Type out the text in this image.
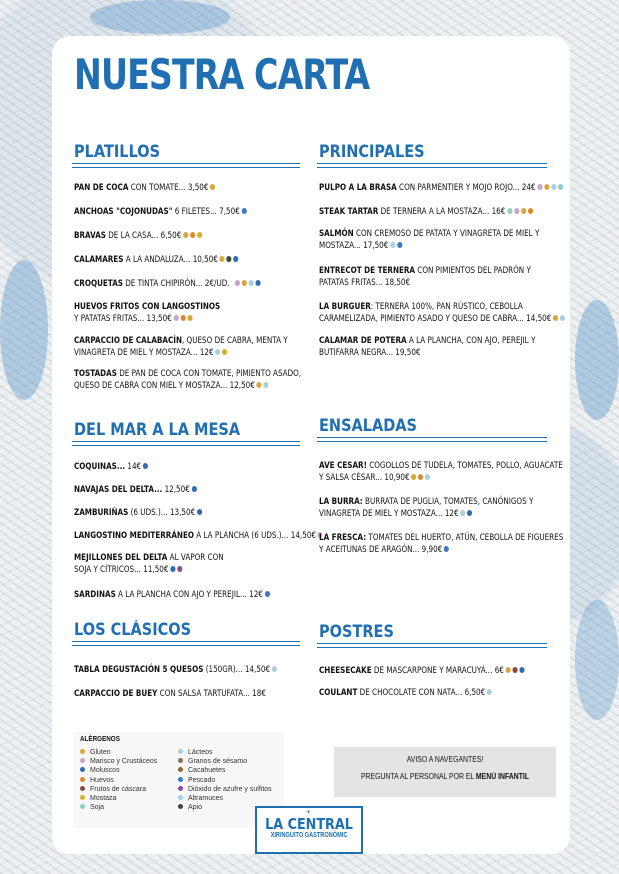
NUESTRA CARTA
PLATILLOS
PAN DE COCA CON TOMATE... 3,50€
ANCHOAS "COJONUDAS" 6 FILETES... 7,50€
BRAVAS DE LA CASA... 6,50€
CALAMARES A LA ANDALUZA... 10,50€
CROQUETAS DE TINTA CHIPIRÓN... 2€/UD.
HUEVOS FRITOS CON LANGOSTINOS
Y PATATAS FRITAS... 13,50€
CARPACCIO DE CALABACÍN, QUESO DE CABRA, MENTA Y
VINAGRETA DE MIEL Y MOSTAZA... 12€
TOSTADAS DE PAN DE COCA CON TOMATE, PIMIENTO ASADO,
QUESO DE CABRA CON MIEL Y MOSTAZA... 12,50€
PRINCIPALES
PULPO A LA BRASA CON PARMENTIER Y MOJO ROJO... 24€
STEAK TARTAR DE TERNERA A LA MOSTAZA... 16€
SALMÓN CON CREMOSO DE PATATA Y VINAGRETA DE MIEL Y
MOSTAZA... 17,50€
ENTRECOT DE TERNERA CON PIMIENTOS DEL PADRÓN Y
PATATAS FRITAS... 18,50€
LA BURGUER: TERNERA 100%, PAN RÚSTICO, CEBOLLA
CARAMELIZADA, PIMIENTO ASADO Y QUESO DE CABRA... 14,50€
CALAMAR DE POTERA A LA PLANCHA, CON AJO, PEREJIL Y
BUTIFARRA NEGRA... 19,50€
DEL MAR A LA MESA
COQUINAS... 14€
NAVAJAS DEL DELTA... 12,50€
ZAMBURIÑAS (6 UDS.)... 13,50€
LANGOSTINO MEDITERRÁNEO A LA PLANCHA (6 UDS.)... 14,50€
MEJILLONES DEL DELTA AL VAPOR CON
SOJA Y CÍTRICOS... 11,50€
SARDINAS A LA PLANCHA CON AJO Y PEREJIL... 12€
ENSALADAS
AVE CESAR! COGOLLOS DE TUDELA, TOMATES, POLLO, AGUACATE
Y SALSA CÉSAR... 10,90€
LA BURRA: BURRATA DE PUGLIA, TOMATES, CANÓNIGOS Y
VINAGRETA DE MIEL Y MOSTAZA... 12€
LA FRESCA: TOMATES DEL HUERTO, ATÚN, CEBOLLA DE FIGUERES
Y ACEITUNAS DE ARAGÓN... 9,90€
LOS CLÁSICOS
TABLA DEGUSTACIÓN 5 QUESOS (150GR)... 14,50€
CARPACCIO DE BUEY CON SALSA TARTUFATA... 18€
POSTRES
CHEESECAKE DE MASCARPONE Y MARACUYÁ... 6€
COULANT DE CHOCOLATE CON NATA... 6,50€
ALÉRGENOS
Gluten
Marisco y Crustáceos
Moluscos
Huevos
Frutos de cáscara
Mostaza
Soja
Lácteos
Granos de sésamo
Cacahuetes
Pescado
Dióxido de azufre y sulfitos
Altramuces
Apio
AVISO A NAVEGANTES!
PREGUNTA AL PERSONAL POR EL MENÚ INFANTIL
☀
LA CENTRAL
XIRINGUITO GASTRONÒMIC
